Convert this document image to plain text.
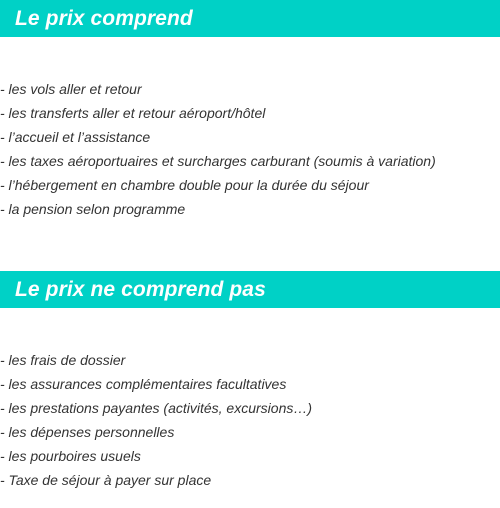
Le prix comprend
- les vols aller et retour
- les transferts aller et retour aéroport/hôtel
- l’accueil et l’assistance
- les taxes aéroportuaires et surcharges carburant (soumis à variation)
- l’hébergement en chambre double pour la durée du séjour
- la pension selon programme
Le prix ne comprend pas
- les frais de dossier
- les assurances complémentaires facultatives
- les prestations payantes (activités, excursions…)
- les dépenses personnelles
- les pourboires usuels
- Taxe de séjour à payer sur place
